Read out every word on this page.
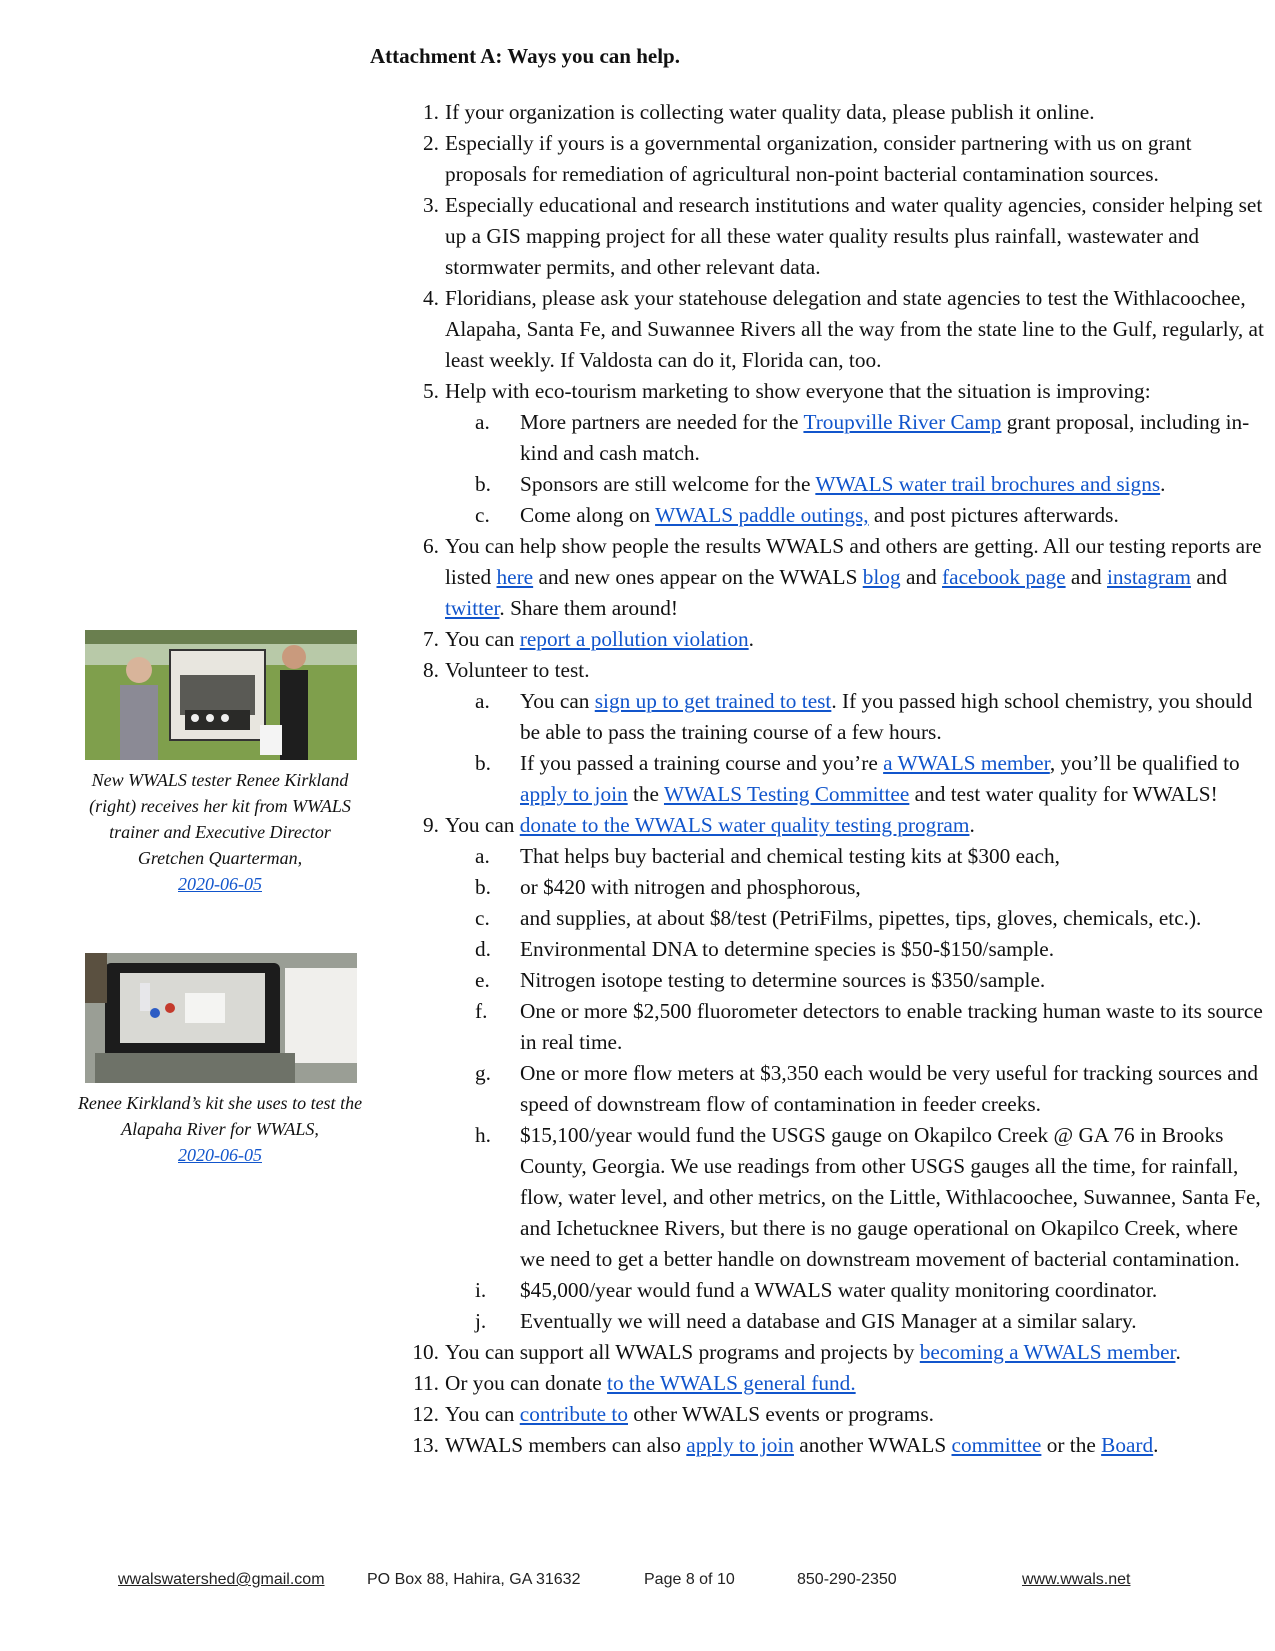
Attachment A: Ways you can help.
1. If your organization is collecting water quality data, please publish it online.
2. Especially if yours is a governmental organization, consider partnering with us on grant proposals for remediation of agricultural non-point bacterial contamination sources.
3. Especially educational and research institutions and water quality agencies, consider helping set up a GIS mapping project for all these water quality results plus rainfall, wastewater and stormwater permits, and other relevant data.
4. Floridians, please ask your statehouse delegation and state agencies to test the Withlacoochee, Alapaha, Santa Fe, and Suwannee Rivers all the way from the state line to the Gulf, regularly, at least weekly. If Valdosta can do it, Florida can, too.
5. Help with eco-tourism marketing to show everyone that the situation is improving:
a.	More partners are needed for the Troupville River Camp grant proposal, including in-kind and cash match.
b.	Sponsors are still welcome for the WWALS water trail brochures and signs.
c.	Come along on WWALS paddle outings, and post pictures afterwards.
6. You can help show people the results WWALS and others are getting. All our testing reports are listed here and new ones appear on the WWALS blog and facebook page and instagram and twitter. Share them around!
7. You can report a pollution violation.
8. Volunteer to test.
a.	You can sign up to get trained to test. If you passed high school chemistry, you should be able to pass the training course of a few hours.
b.	If you passed a training course and you’re a WWALS member, you’ll be qualified to apply to join the WWALS Testing Committee and test water quality for WWALS!
9. You can donate to the WWALS water quality testing program.
a.	That helps buy bacterial and chemical testing kits at $300 each,
b.	or $420 with nitrogen and phosphorous,
c.	and supplies, at about $8/test (PetriFilms, pipettes, tips, gloves, chemicals, etc.).
d.	Environmental DNA to determine species is $50-$150/sample.
e.	Nitrogen isotope testing to determine sources is $350/sample.
f.	One or more $2,500 fluorometer detectors to enable tracking human waste to its source in real time.
g.	One or more flow meters at $3,350 each would be very useful for tracking sources and speed of downstream flow of contamination in feeder creeks.
h.	$15,100/year would fund the USGS gauge on Okapilco Creek @ GA 76 in Brooks County, Georgia. We use readings from other USGS gauges all the time, for rainfall, flow, water level, and other metrics, on the Little, Withlacoochee, Suwannee, Santa Fe, and Ichetucknee Rivers, but there is no gauge operational on Okapilco Creek, where we need to get a better handle on downstream movement of bacterial contamination.
i.	$45,000/year would fund a WWALS water quality monitoring coordinator.
j.	Eventually we will need a database and GIS Manager at a similar salary.
10. You can support all WWALS programs and projects by becoming a WWALS member.
11. Or you can donate to the WWALS general fund.
12. You can contribute to other WWALS events or programs.
13. WWALS members can also apply to join another WWALS committee or the Board.
New WWALS tester Renee Kirkland (right) receives her kit from WWALS trainer and Executive Director Gretchen Quarterman,
2020-06-05
Renee Kirkland’s kit she uses to test the Alapaha River for WWALS,
2020-06-05
wwalswatershed@gmail.com	PO Box 88, Hahira, GA 31632	Page 8 of 10	850-290-2350	www.wwals.net
